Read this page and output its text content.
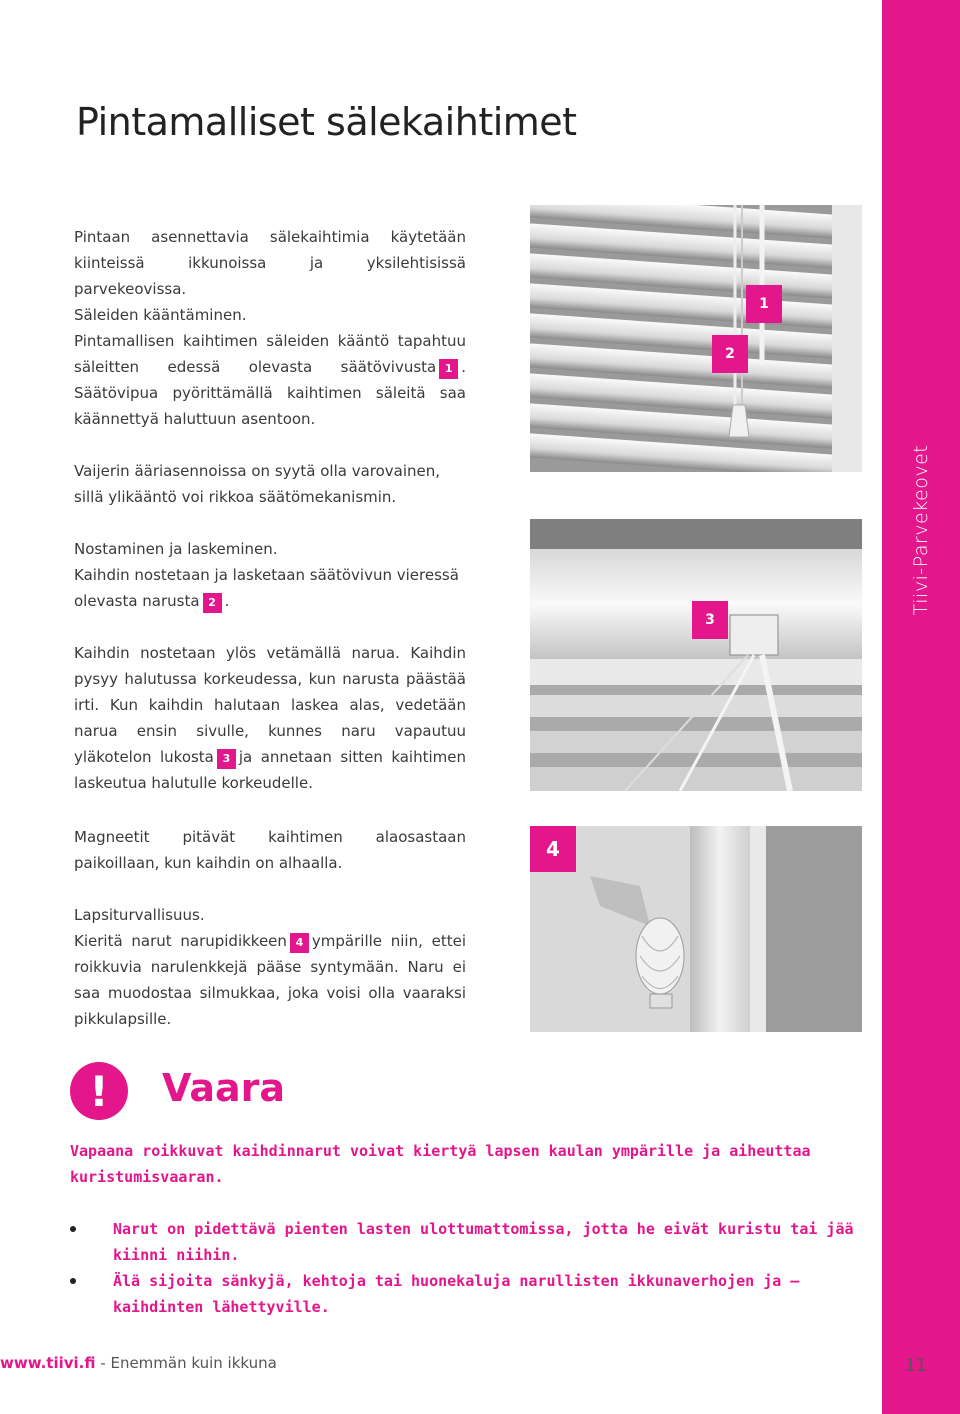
Tiivi-Parvekeovet
Pintamalliset sälekaihtimet

Pintaan asennettavia sälekaihtimia käytetään kiinteissä ikkunoissa ja yksilehtisissä parvekeovissa.

Säleiden kääntäminen.
Pintamallisen kaihtimen säleiden kääntö tapahtuu säleitten edessä olevasta säätövivusta 1 . Säätövipua pyörittämällä kaihtimen säleitä saa käännettyä haluttuun asentoon.

Vaijerin ääriasennoissa on syytä olla varovainen, sillä ylikääntö voi rikkoa säätömekanismin.

Nostaminen ja laskeminen.
Kaihdin nostetaan ja lasketaan säätövivun vieressä olevasta narusta 2 .
Kaihdin nostetaan ylös vetämällä narua. Kaihdin pysyy halutussa korkeudessa, kun narusta päästää irti. Kun kaihdin halutaan laskea alas, vedetään narua ensin sivulle, kunnes naru vapautuu yläkotelon lukosta 3 ja annetaan sitten kaihtimen laskeutua halutulle korkeudelle.

Magneetit pitävät kaihtimen alaosastaan paikoillaan, kun kaihdin on alhaalla.

Lapsiturvallisuus.
Kieritä narut narupidikkeen 4 ympärille niin, ettei roikkuvia narulenkkejä pääse syntymään. Naru ei saa muodostaa silmukkaa, joka voisi olla vaaraksi pikkulapsille.
1
2
3
4
!	Vaara

Vapaana roikkuvat kaihdinnarut voivat kiertyä lapsen kaulan ympärille ja aiheuttaa kuristumisvaaran.

Narut on pidettävä pienten lasten ulottumattomissa, jotta he eivät kuristu tai jää kiinni niihin.

Älä sijoita sänkyjä, kehtoja tai huonekaluja narullisten ikkunaverhojen ja –kaihdinten lähettyville.

www.tiivi.fi - Enemmän kuin ikkuna	11
